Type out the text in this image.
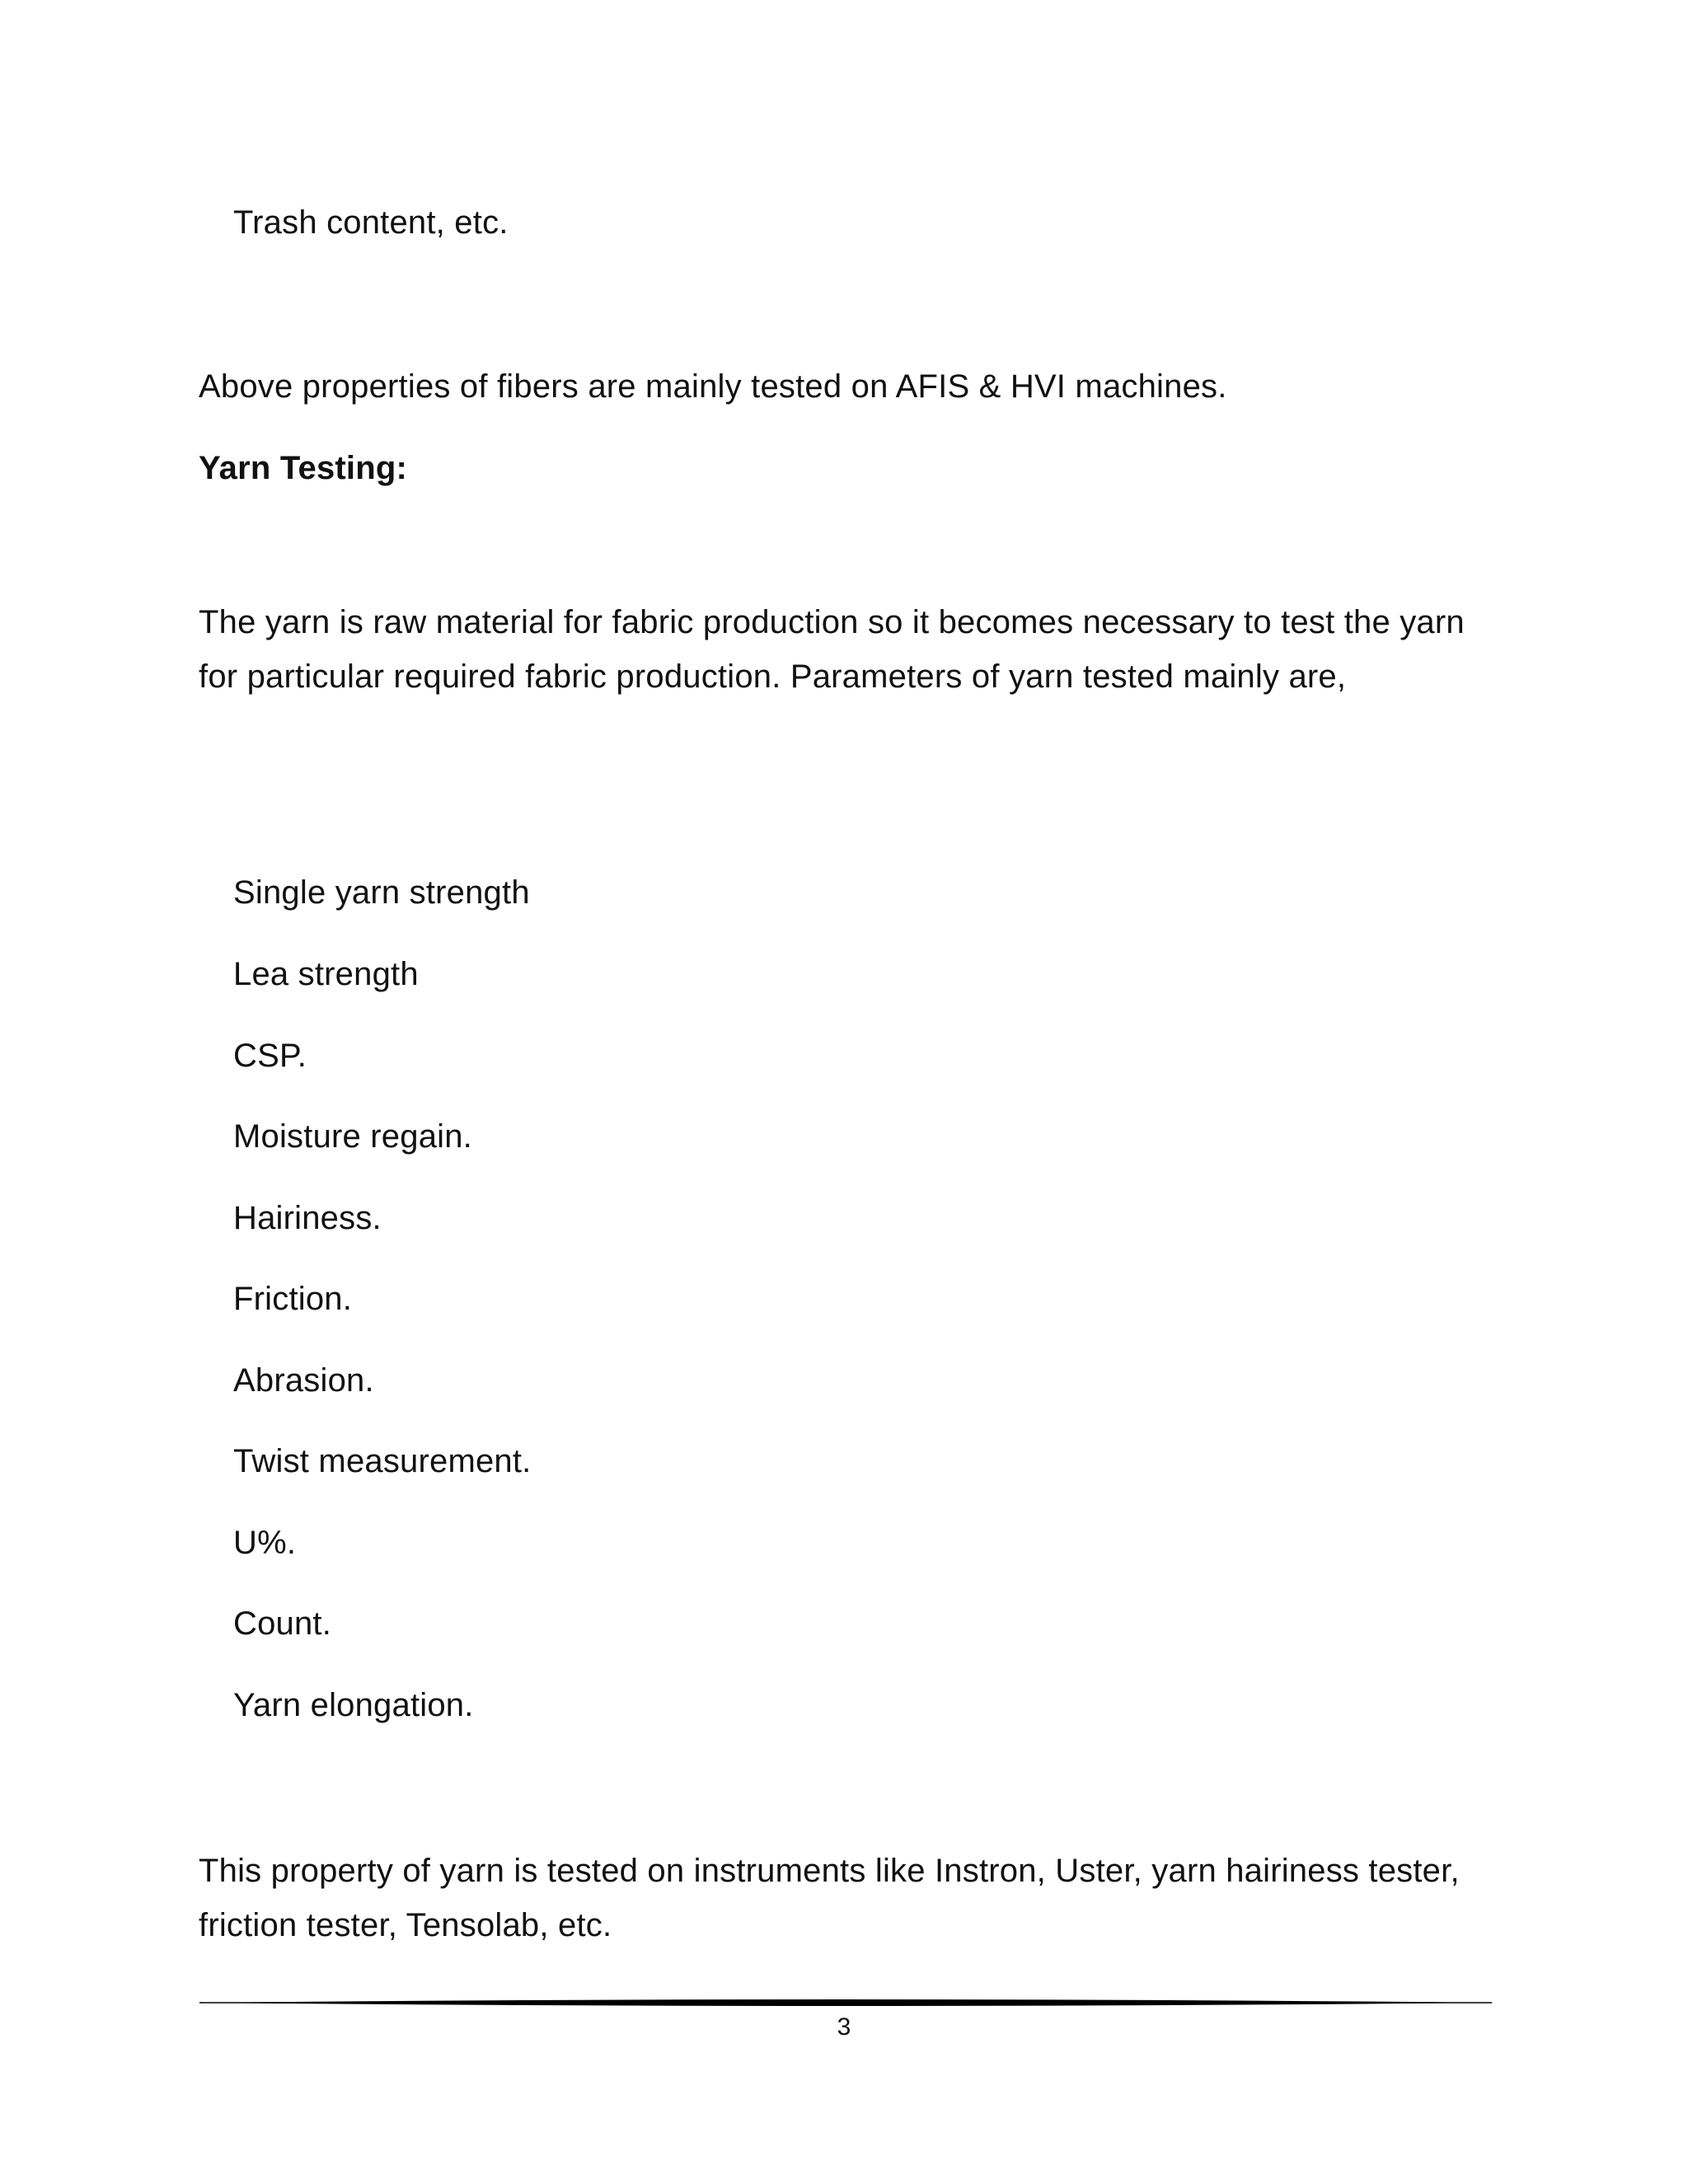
Trash content, etc.
Above properties of fibers are mainly tested on AFIS & HVI machines.
Yarn Testing:
The yarn is raw material for fabric production so it becomes necessary to test the yarn for particular required fabric production. Parameters of yarn tested mainly are,
Single yarn strength
Lea strength
CSP.
Moisture regain.
Hairiness.
Friction.
Abrasion.
Twist measurement.
U%.
Count.
Yarn elongation.
This property of yarn is tested on instruments like Instron, Uster, yarn hairiness tester, friction tester, Tensolab, etc.
3
